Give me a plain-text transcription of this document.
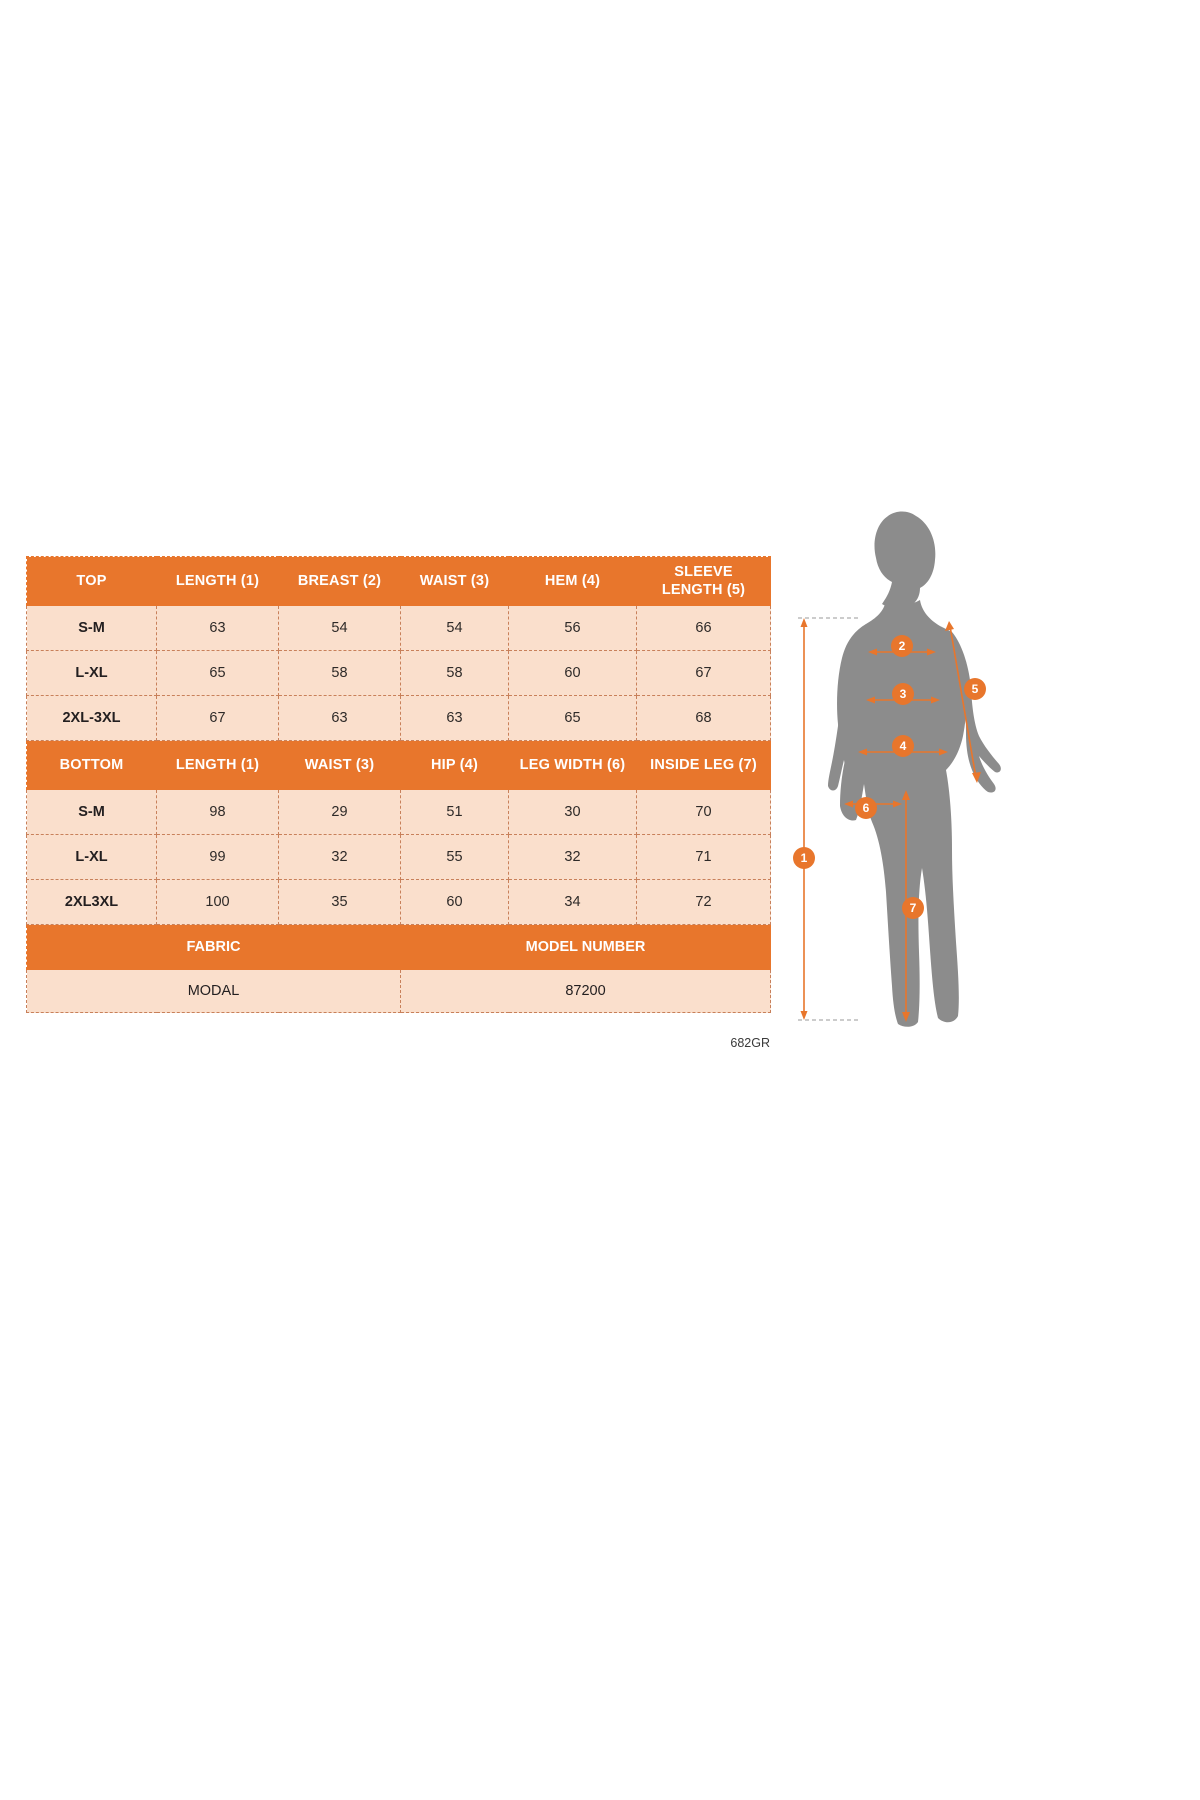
TOP	LENGTH (1)	BREAST (2)	WAIST (3)	HEM (4)	SLEEVE
LENGTH (5)
S-M	63	54	54	56	66
L-XL	65	58	58	60	67
2XL-3XL	67	63	63	65	68
BOTTOM	LENGTH (1)	WAIST (3)	HIP (4)	LEG WIDTH (6)	INSIDE LEG (7)
S-M	98	29	51	30	70
L-XL	99	32	55	32	71
2XL3XL	100	35	60	34	72
FABRIC			MODEL NUMBER		
MODAL			87200		
682GR
1
2
3
4
5
6
7
